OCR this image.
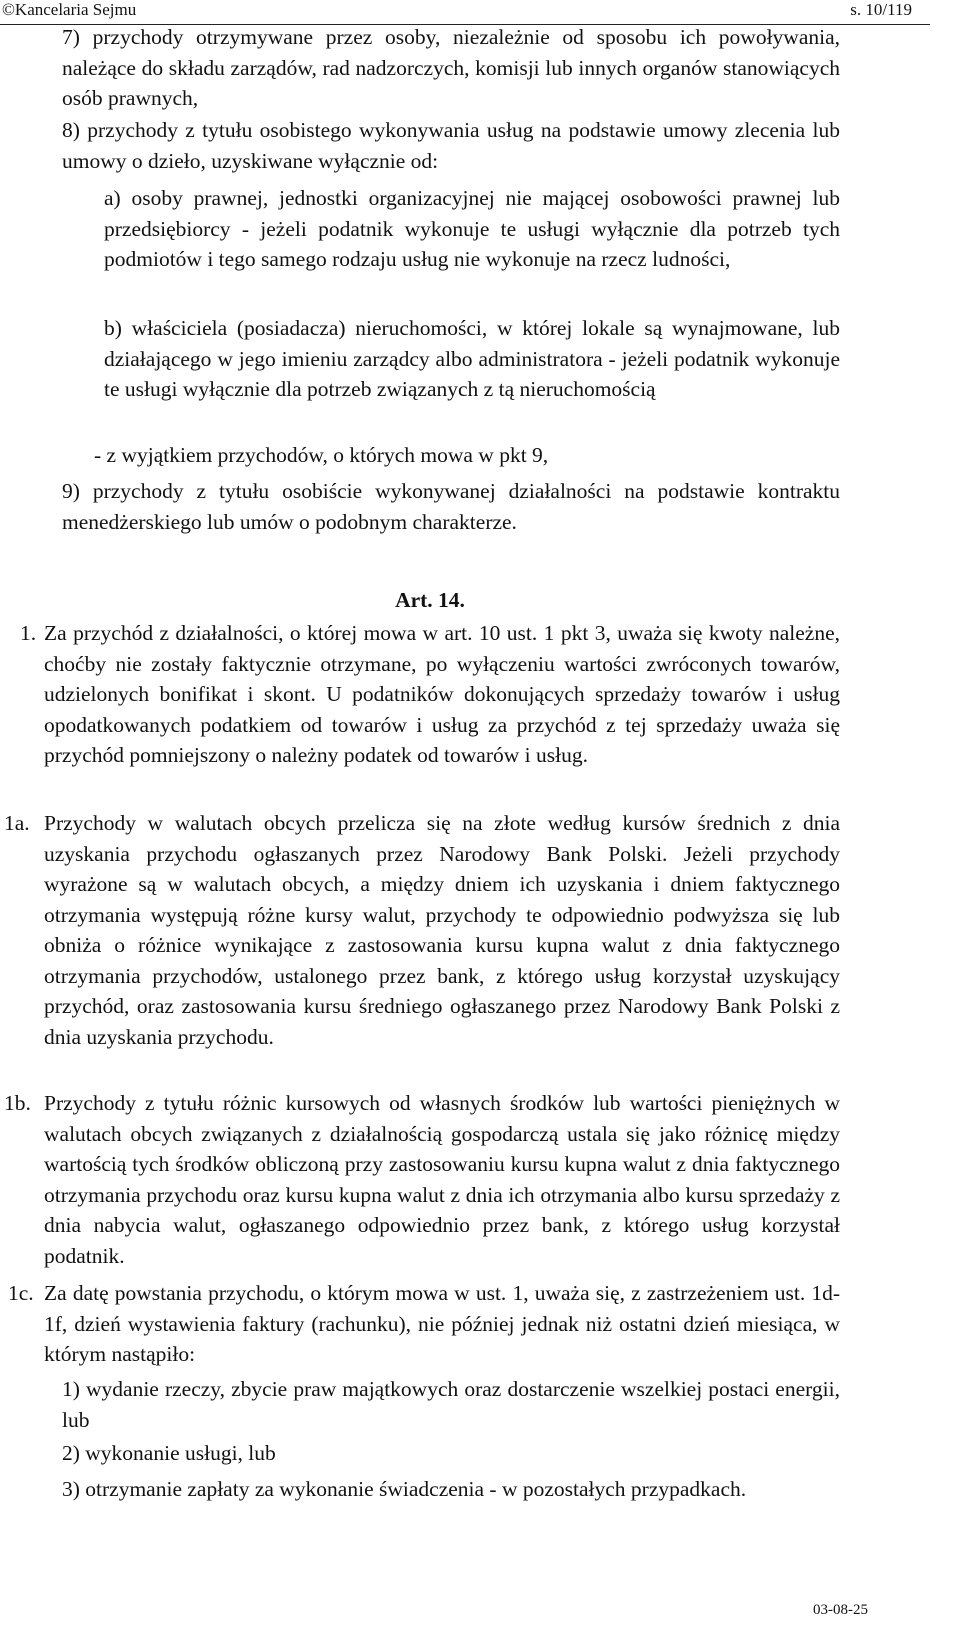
©Kancelaria Sejmu	s. 10/119
7) przychody otrzymywane przez osoby, niezależnie od sposobu ich powoływania, należące do składu zarządów, rad nadzorczych, komisji lub innych organów stanowiących osób prawnych,
8) przychody z tytułu osobistego wykonywania usług na podstawie umowy zlecenia lub umowy o dzieło, uzyskiwane wyłącznie od:
a) osoby prawnej, jednostki organizacyjnej nie mającej osobowości prawnej lub przedsiębiorcy - jeżeli podatnik wykonuje te usługi wyłącznie dla potrzeb tych podmiotów i tego samego rodzaju usług nie wykonuje na rzecz ludności,
b) właściciela (posiadacza) nieruchomości, w której lokale są wynajmowane, lub działającego w jego imieniu zarządcy albo administratora - jeżeli podatnik wykonuje te usługi wyłącznie dla potrzeb związanych z tą nieruchomością
- z wyjątkiem przychodów, o których mowa w pkt 9,
9) przychody z tytułu osobiście wykonywanej działalności na podstawie kontraktu menedżerskiego lub umów o podobnym charakterze.
Art. 14.
1. Za przychód z działalności, o której mowa w art. 10 ust. 1 pkt 3, uważa się kwoty należne, choćby nie zostały faktycznie otrzymane, po wyłączeniu wartości zwróconych towarów, udzielonych bonifikat i skont. U podatników dokonujących sprzedaży towarów i usług opodatkowanych podatkiem od towarów i usług za przychód z tej sprzedaży uważa się przychód pomniejszony o należny podatek od towarów i usług.
1a. Przychody w walutach obcych przelicza się na złote według kursów średnich z dnia uzyskania przychodu ogłaszanych przez Narodowy Bank Polski. Jeżeli przychody wyrażone są w walutach obcych, a między dniem ich uzyskania i dniem faktycznego otrzymania występują różne kursy walut, przychody te odpowiednio podwyższa się lub obniża o różnice wynikające z zastosowania kursu kupna walut z dnia faktycznego otrzymania przychodów, ustalonego przez bank, z którego usług korzystał uzyskujący przychód, oraz zastosowania kursu średniego ogłaszanego przez Narodowy Bank Polski z dnia uzyskania przychodu.
1b. Przychody z tytułu różnic kursowych od własnych środków lub wartości pieniężnych w walutach obcych związanych z działalnością gospodarczą ustala się jako różnicę między wartością tych środków obliczoną przy zastosowaniu kursu kupna walut z dnia faktycznego otrzymania przychodu oraz kursu kupna walut z dnia ich otrzymania albo kursu sprzedaży z dnia nabycia walut, ogłaszanego odpowiednio przez bank, z którego usług korzystał podatnik.
1c. Za datę powstania przychodu, o którym mowa w ust. 1, uważa się, z zastrzeżeniem ust. 1d-1f, dzień wystawienia faktury (rachunku), nie później jednak niż ostatni dzień miesiąca, w którym nastąpiło:
1) wydanie rzeczy, zbycie praw majątkowych oraz dostarczenie wszelkiej postaci energii, lub
2) wykonanie usługi, lub
3) otrzymanie zapłaty za wykonanie świadczenia - w pozostałych przypadkach.
03-08-25
